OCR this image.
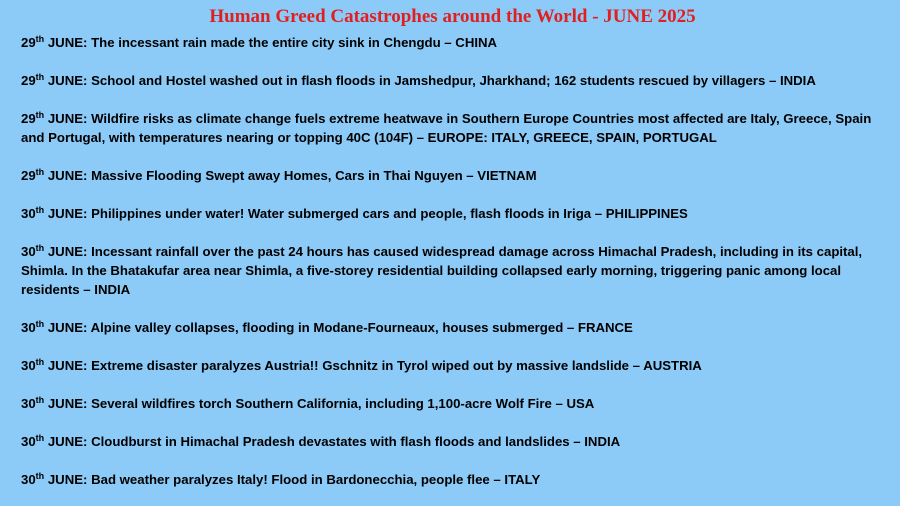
Human Greed Catastrophes around the World - JUNE 2025
29th JUNE: The incessant rain made the entire city sink in Chengdu – CHINA
29th JUNE: School and Hostel washed out in flash floods in Jamshedpur, Jharkhand; 162 students rescued by villagers – INDIA
29th JUNE: Wildfire risks as climate change fuels extreme heatwave in Southern Europe Countries most affected are Italy, Greece, Spain and Portugal, with temperatures nearing or topping 40C (104F) – EUROPE: ITALY, GREECE, SPAIN, PORTUGAL
29th JUNE: Massive Flooding Swept away Homes, Cars in Thai Nguyen – VIETNAM
30th JUNE: Philippines under water! Water submerged cars and people, flash floods in Iriga – PHILIPPINES
30th JUNE: Incessant rainfall over the past 24 hours has caused widespread damage across Himachal Pradesh, including in its capital, Shimla. In the Bhatakufar area near Shimla, a five-storey residential building collapsed early morning, triggering panic among local residents – INDIA
30th JUNE: Alpine valley collapses, flooding in Modane-Fourneaux, houses submerged – FRANCE
30th JUNE: Extreme disaster paralyzes Austria!! Gschnitz in Tyrol wiped out by massive landslide – AUSTRIA
30th JUNE: Several wildfires torch Southern California, including 1,100-acre Wolf Fire – USA
30th JUNE: Cloudburst in Himachal Pradesh devastates with flash floods and landslides – INDIA
30th JUNE: Bad weather paralyzes Italy! Flood in Bardonecchia, people flee – ITALY
